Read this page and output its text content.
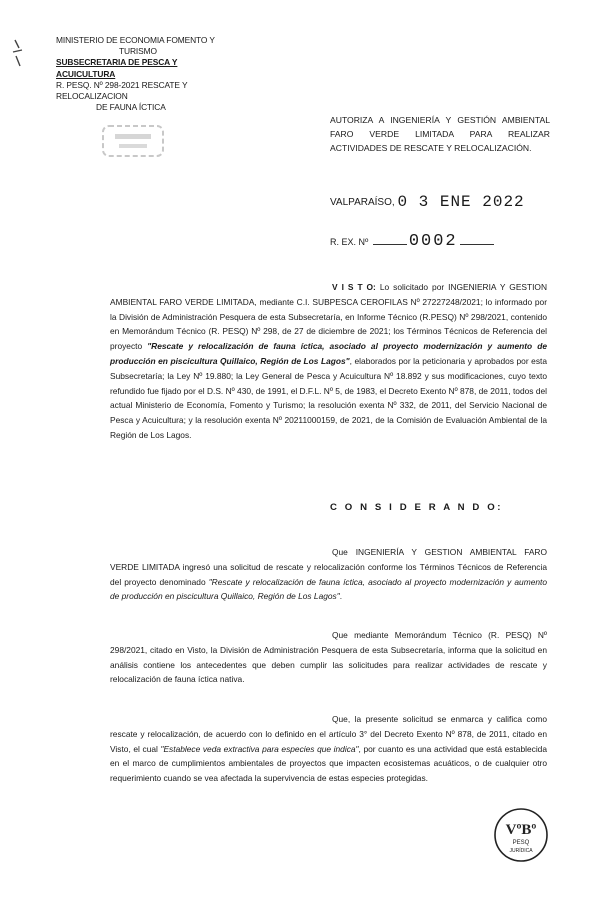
MINISTERIO DE ECONOMIA FOMENTO Y
TURISMO
SUBSECRETARIA DE PESCA Y ACUICULTURA
R. PESQ. Nº 298-2021 RESCATE Y RELOCALIZACION
DE FAUNA ÍCTICA
AUTORIZA A INGENIERÍA Y GESTIÓN AMBIENTAL FARO VERDE LIMITADA PARA REALIZAR ACTIVIDADES DE RESCATE Y RELOCALIZACIÓN.
VALPARAÍSO, 0 3 ENE 2022
R. EX. Nº 0002
V I S T O: Lo solicitado por INGENIERIA Y GESTION AMBIENTAL FARO VERDE LIMITADA, mediante C.I. SUBPESCA CEROFILAS Nº 27227248/2021; lo informado por la División de Administración Pesquera de esta Subsecretaría, en Informe Técnico (R.PESQ) Nº 298/2021, contenido en Memorándum Técnico (R. PESQ) Nº 298, de 27 de diciembre de 2021; los Términos Técnicos de Referencia del proyecto "Rescate y relocalización de fauna íctica, asociado al proyecto modernización y aumento de producción en piscicultura Quillaico, Región de Los Lagos", elaborados por la peticionaria y aprobados por esta Subsecretaría; la Ley Nº 19.880; la Ley General de Pesca y Acuicultura Nº 18.892 y sus modificaciones, cuyo texto refundido fue fijado por el D.S. Nº 430, de 1991, el D.F.L. Nº 5, de 1983, el Decreto Exento Nº 878, de 2011, todos del actual Ministerio de Economía, Fomento y Turismo; la resolución exenta Nº 332, de 2011, del Servicio Nacional de Pesca y Acuicultura; y la resolución exenta Nº 20211000159, de 2021, de la Comisión de Evaluación Ambiental de la Región de Los Lagos.
C O N S I D E R A N D O:
Que INGENIERÍA Y GESTION AMBIENTAL FARO VERDE LIMITADA ingresó una solicitud de rescate y relocalización conforme los Términos Técnicos de Referencia del proyecto denominado "Rescate y relocalización de fauna íctica, asociado al proyecto modernización y aumento de producción en piscicultura Quillaico, Región de Los Lagos".
Que mediante Memorándum Técnico (R. PESQ) Nº 298/2021, citado en Visto, la División de Administración Pesquera de esta Subsecretaría, informa que la solicitud en análisis contiene los antecedentes que deben cumplir las solicitudes para realizar actividades de rescate y relocalización de fauna íctica nativa.
Que, la presente solicitud se enmarca y califica como rescate y relocalización, de acuerdo con lo definido en el artículo 3° del Decreto Exento Nº 878, de 2011, citado en Visto, el cual "Establece veda extractiva para especies que indica", por cuanto es una actividad que está establecida en el marco de cumplimientos ambientales de proyectos que impacten ecosistemas acuáticos, o de cualquier otro requerimiento cuando se vea afectada la supervivencia de estas especies protegidas.
VºBº
PESQ
JURÍDICA
